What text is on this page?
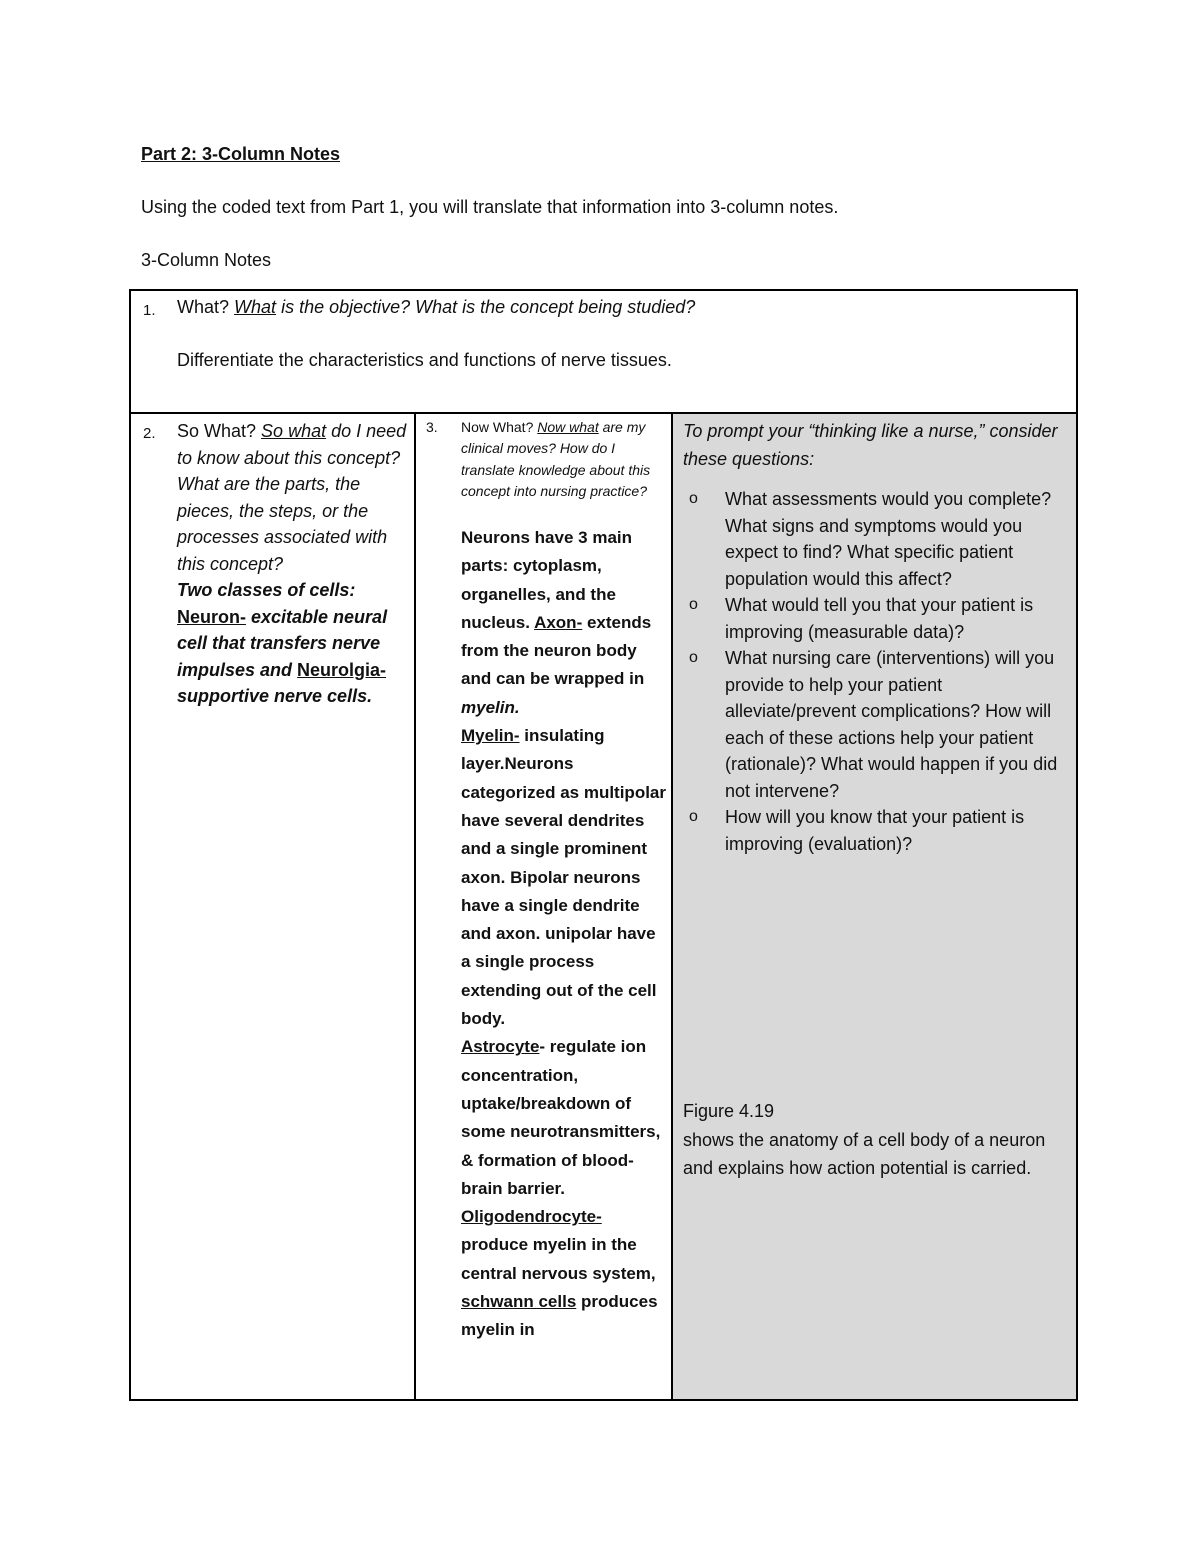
Part 2: 3-Column Notes

Using the coded text from Part 1, you will translate that information into 3-column notes.

3-Column Notes

1. What? What is the objective? What is the concept being studied?

Differentiate the characteristics and functions of nerve tissues.

2. So What? So what do I need to know about this concept? What are the parts, the pieces, the steps, or the processes associated with this concept?
Two classes of cells:
Neuron- excitable neural cell that transfers nerve impulses and Neurolgia- supportive nerve cells.
3. Now What? Now what are my clinical moves? How do I translate knowledge about this concept into nursing practice?
Neurons have 3 main parts: cytoplasm, organelles, and the nucleus. Axon- extends from the neuron body and can be wrapped in myelin.
Myelin- insulating layer.Neurons categorized as multipolar have several dendrites and a single prominent axon. Bipolar neurons have a single dendrite and axon. unipolar have a single process extending out of the cell body.
Astrocyte- regulate ion concentration, uptake/breakdown of some neurotransmitters, & formation of blood-brain barrier.
Oligodendrocyte- produce myelin in the central nervous system, schwann cells produces myelin in
To prompt your “thinking like a nurse,” consider these questions:
o What assessments would you complete? What signs and symptoms would you expect to find? What specific patient population would this affect?
o What would tell you that your patient is improving (measurable data)?
o What nursing care (interventions) will you provide to help your patient alleviate/prevent complications? How will each of these actions help your patient (rationale)? What would happen if you did not intervene?
o How will you know that your patient is improving (evaluation)?
Figure 4.19
shows the anatomy of a cell body of a neuron and explains how action potential is carried.
